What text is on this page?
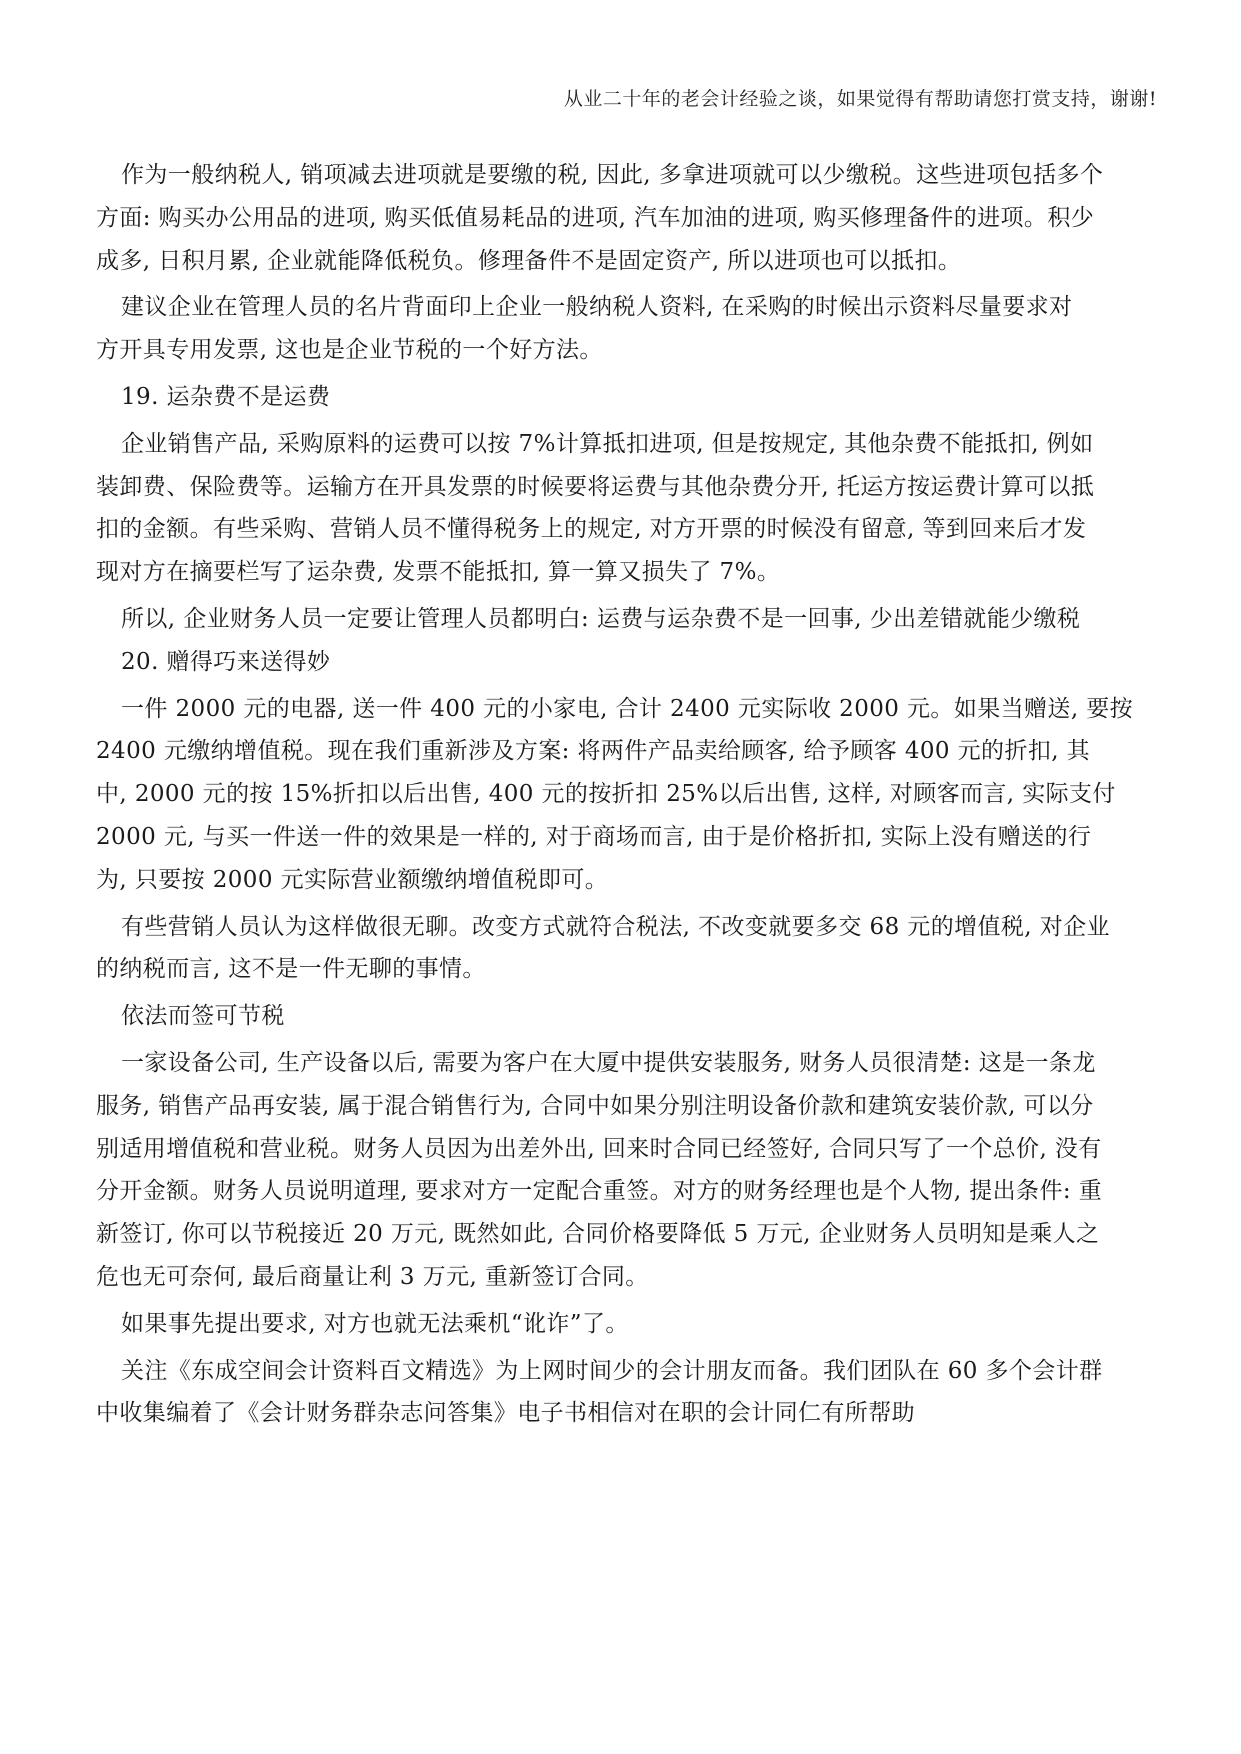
从业二十年的老会计经验之谈，如果觉得有帮助请您打赏支持，谢谢!
作为一般纳税人, 销项减去进项就是要缴的税, 因此, 多拿进项就可以少缴税。这些进项包括多个
方面: 购买办公用品的进项, 购买低值易耗品的进项, 汽车加油的进项, 购买修理备件的进项。积少
成多, 日积月累, 企业就能降低税负。修理备件不是固定资产, 所以进项也可以抵扣。
建议企业在管理人员的名片背面印上企业一般纳税人资料, 在采购的时候出示资料尽量要求对
方开具专用发票, 这也是企业节税的一个好方法。
19. 运杂费不是运费
企业销售产品, 采购原料的运费可以按 7%计算抵扣进项, 但是按规定, 其他杂费不能抵扣, 例如
装卸费、保险费等。运输方在开具发票的时候要将运费与其他杂费分开, 托运方按运费计算可以抵
扣的金额。有些采购、营销人员不懂得税务上的规定, 对方开票的时候没有留意, 等到回来后才发
现对方在摘要栏写了运杂费, 发票不能抵扣, 算一算又损失了 7%。
所以, 企业财务人员一定要让管理人员都明白: 运费与运杂费不是一回事, 少出差错就能少缴税
20. 赠得巧来送得妙
一件 2000 元的电器, 送一件 400 元的小家电, 合计 2400 元实际收 2000 元。如果当赠送, 要按
2400 元缴纳增值税。现在我们重新涉及方案: 将两件产品卖给顾客, 给予顾客 400 元的折扣, 其
中, 2000 元的按 15%折扣以后出售, 400 元的按折扣 25%以后出售, 这样, 对顾客而言, 实际支付
2000 元, 与买一件送一件的效果是一样的, 对于商场而言, 由于是价格折扣, 实际上没有赠送的行
为, 只要按 2000 元实际营业额缴纳增值税即可。
有些营销人员认为这样做很无聊。改变方式就符合税法, 不改变就要多交 68 元的增值税, 对企业
的纳税而言, 这不是一件无聊的事情。
依法而签可节税
一家设备公司, 生产设备以后, 需要为客户在大厦中提供安装服务, 财务人员很清楚: 这是一条龙
服务, 销售产品再安装, 属于混合销售行为, 合同中如果分别注明设备价款和建筑安装价款, 可以分
别适用增值税和营业税。财务人员因为出差外出, 回来时合同已经签好, 合同只写了一个总价, 没有
分开金额。财务人员说明道理, 要求对方一定配合重签。对方的财务经理也是个人物, 提出条件: 重
新签订, 你可以节税接近 20 万元, 既然如此, 合同价格要降低 5 万元, 企业财务人员明知是乘人之
危也无可奈何, 最后商量让利 3 万元, 重新签订合同。
如果事先提出要求, 对方也就无法乘机“讹诈”了。
关注《东成空间会计资料百文精选》为上网时间少的会计朋友而备。我们团队在 60 多个会计群
中收集编着了《会计财务群杂志问答集》电子书相信对在职的会计同仁有所帮助
